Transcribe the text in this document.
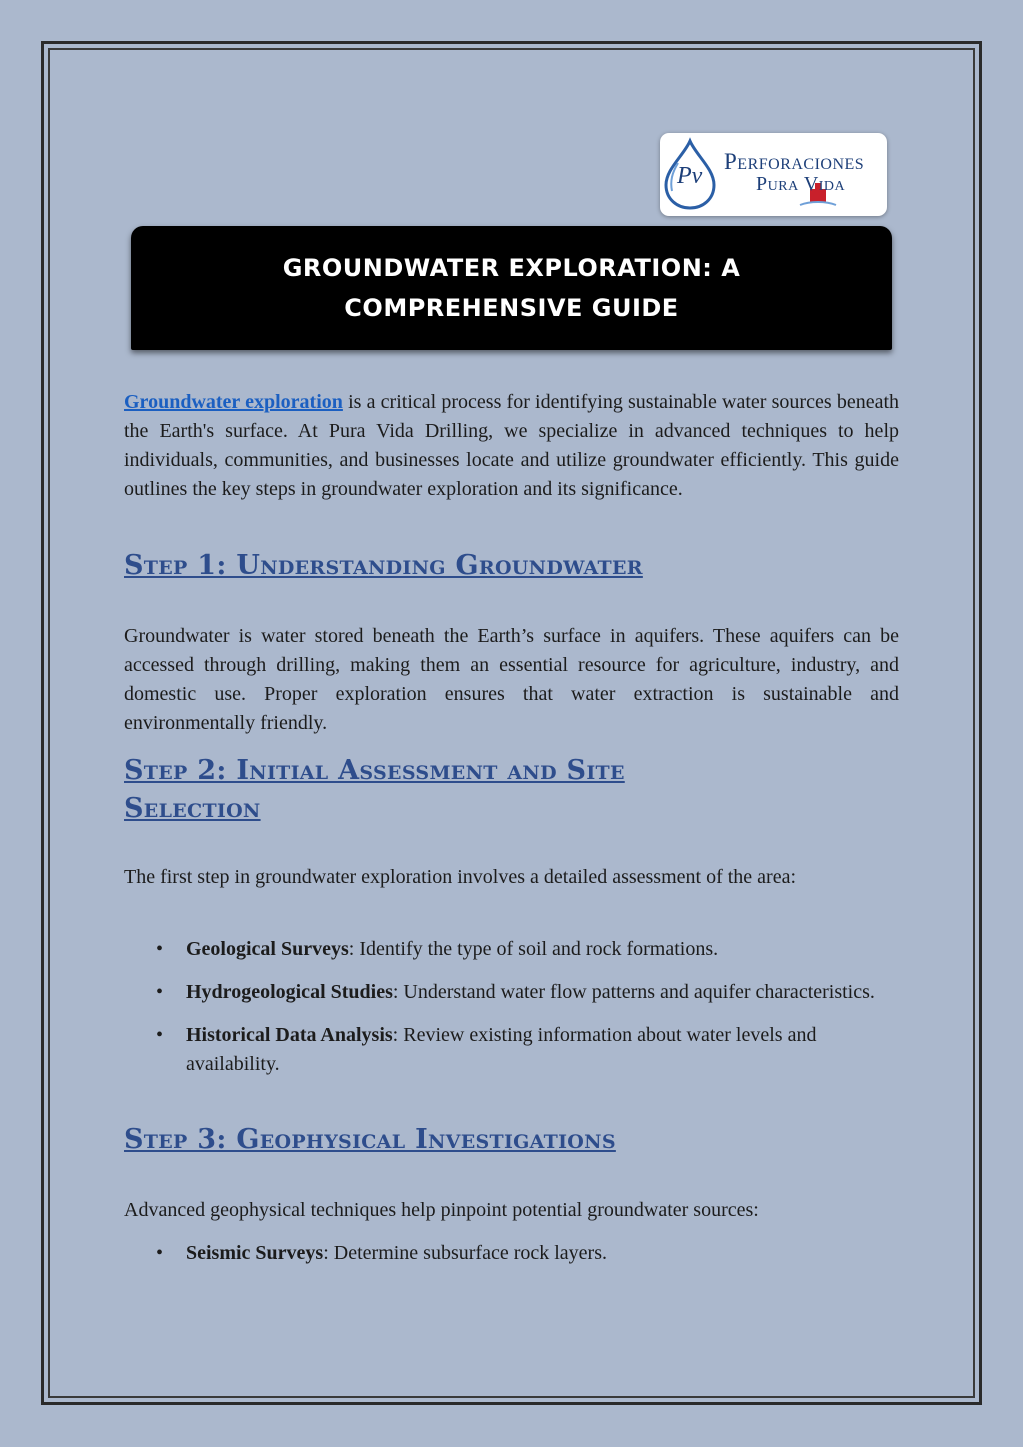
Pv
Perforaciones
Pura Vida
GROUNDWATER EXPLORATION: A COMPREHENSIVE GUIDE

Groundwater exploration is a critical process for identifying sustainable water sources beneath the Earth's surface. At Pura Vida Drilling, we specialize in advanced techniques to help individuals, communities, and businesses locate and utilize groundwater efficiently. This guide outlines the key steps in groundwater exploration and its significance.

Step 1: Understanding Groundwater

Groundwater is water stored beneath the Earth’s surface in aquifers. These aquifers can be accessed through drilling, making them an essential resource for agriculture, industry, and domestic use. Proper exploration ensures that water extraction is sustainable and environmentally friendly.

Step 2: Initial Assessment and Site Selection

The first step in groundwater exploration involves a detailed assessment of the area:

• Geological Surveys: Identify the type of soil and rock formations.
• Hydrogeological Studies: Understand water flow patterns and aquifer characteristics.
• Historical Data Analysis: Review existing information about water levels and availability.
Step 3: Geophysical Investigations

Advanced geophysical techniques help pinpoint potential groundwater sources:

• Seismic Surveys: Determine subsurface rock layers.
